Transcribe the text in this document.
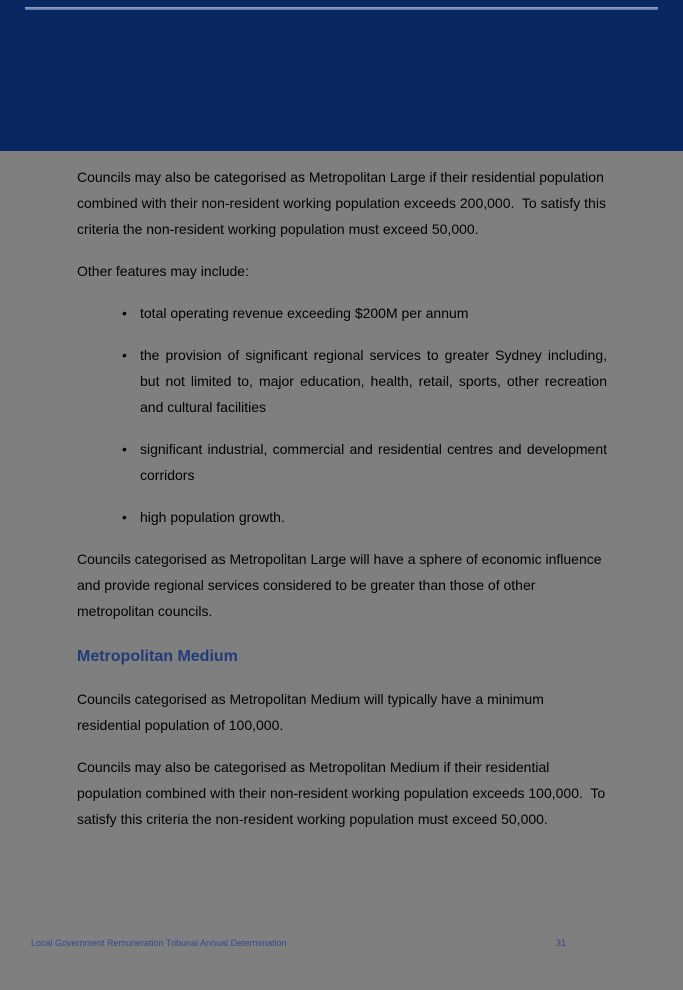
Councils may also be categorised as Metropolitan Large if their residential population combined with their non-resident working population exceeds 200,000.  To satisfy this criteria the non-resident working population must exceed 50,000.

Other features may include:

• total operating revenue exceeding $200M per annum
• the provision of significant regional services to greater Sydney including, but not limited to, major education, health, retail, sports, other recreation and cultural facilities
• significant industrial, commercial and residential centres and development corridors
• high population growth.

Councils categorised as Metropolitan Large will have a sphere of economic influence and provide regional services considered to be greater than those of other metropolitan councils.

Metropolitan Medium

Councils categorised as Metropolitan Medium will typically have a minimum residential population of 100,000.

Councils may also be categorised as Metropolitan Medium if their residential population combined with their non-resident working population exceeds 100,000.  To satisfy this criteria the non-resident working population must exceed 50,000.

Local Government Remuneration Tribunal Annual Determination	31
